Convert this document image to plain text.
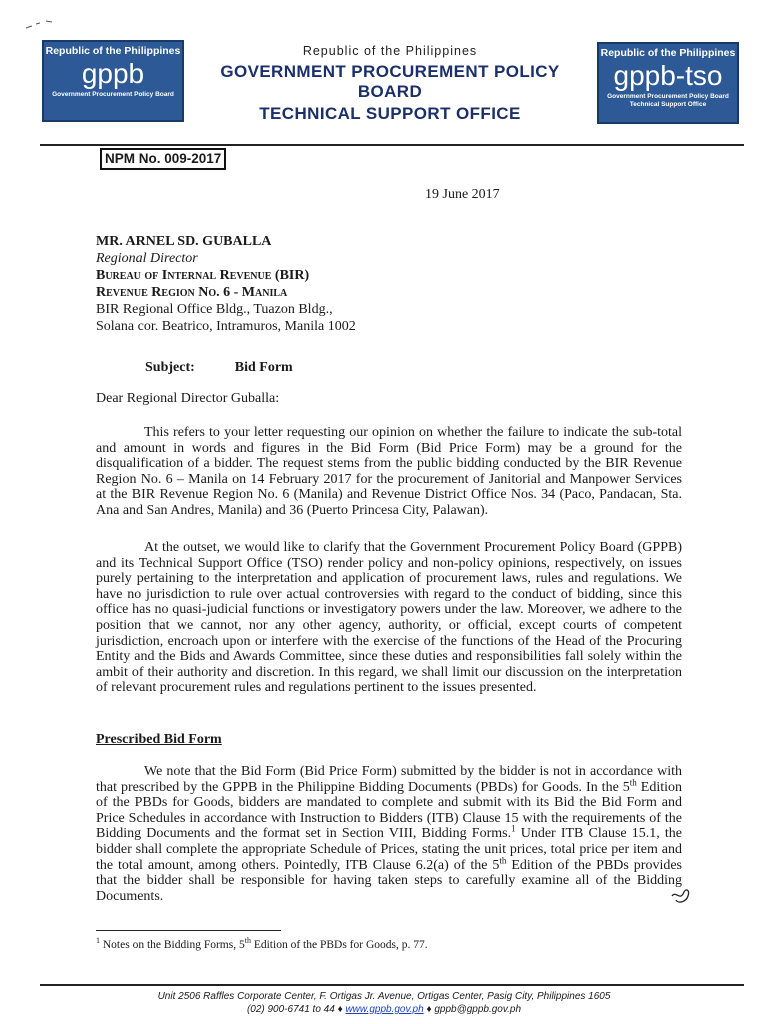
Republic of the Philippines
gppb
Government Procurement Policy Board
Republic of the Philippines
GOVERNMENT PROCUREMENT POLICY BOARD
TECHNICAL SUPPORT OFFICE
Republic of the Philippines
gppb-tso
Government Procurement Policy Board
Technical Support Office
NPM No. 009-2017
19 June 2017
MR. ARNEL SD. GUBALLA
Regional Director
Bureau of Internal Revenue (BIR)
Revenue Region No. 6 - Manila
BIR Regional Office Bldg., Tuazon Bldg.,
Solana cor. Beatrico, Intramuros, Manila 1002
Subject:	Bid Form
Dear Regional Director Guballa:

This refers to your letter requesting our opinion on whether the failure to indicate the sub-total and amount in words and figures in the Bid Form (Bid Price Form) may be a ground for the disqualification of a bidder. The request stems from the public bidding conducted by the BIR Revenue Region No. 6 – Manila on 14 February 2017 for the procurement of Janitorial and Manpower Services at the BIR Revenue Region No. 6 (Manila) and Revenue District Office Nos. 34 (Paco, Pandacan, Sta. Ana and San Andres, Manila) and 36 (Puerto Princesa City, Palawan).

At the outset, we would like to clarify that the Government Procurement Policy Board (GPPB) and its Technical Support Office (TSO) render policy and non-policy opinions, respectively, on issues purely pertaining to the interpretation and application of procurement laws, rules and regulations. We have no jurisdiction to rule over actual controversies with regard to the conduct of bidding, since this office has no quasi-judicial functions or investigatory powers under the law. Moreover, we adhere to the position that we cannot, nor any other agency, authority, or official, except courts of competent jurisdiction, encroach upon or interfere with the exercise of the functions of the Head of the Procuring Entity and the Bids and Awards Committee, since these duties and responsibilities fall solely within the ambit of their authority and discretion. In this regard, we shall limit our discussion on the interpretation of relevant procurement rules and regulations pertinent to the issues presented.

Prescribed Bid Form

We note that the Bid Form (Bid Price Form) submitted by the bidder is not in accordance with that prescribed by the GPPB in the Philippine Bidding Documents (PBDs) for Goods. In the 5th Edition of the PBDs for Goods, bidders are mandated to complete and submit with its Bid the Bid Form and Price Schedules in accordance with Instruction to Bidders (ITB) Clause 15 with the requirements of the Bidding Documents and the format set in Section VIII, Bidding Forms.$^1$ Under ITB Clause 15.1, the bidder shall complete the appropriate Schedule of Prices, stating the unit prices, total price per item and the total amount, among others. Pointedly, ITB Clause 6.2(a) of the 5th Edition of the PBDs provides that the bidder shall be responsible for having taken steps to carefully examine all of the Bidding Documents.

$^1$ Notes on the Bidding Forms, 5th Edition of the PBDs for Goods, p. 77.
Unit 2506 Raffles Corporate Center, F. Ortigas Jr. Avenue, Ortigas Center, Pasig City, Philippines 1605
(02) 900-6741 to 44 ♦ www.gppb.gov.ph ♦ gppb@gppb.gov.ph
